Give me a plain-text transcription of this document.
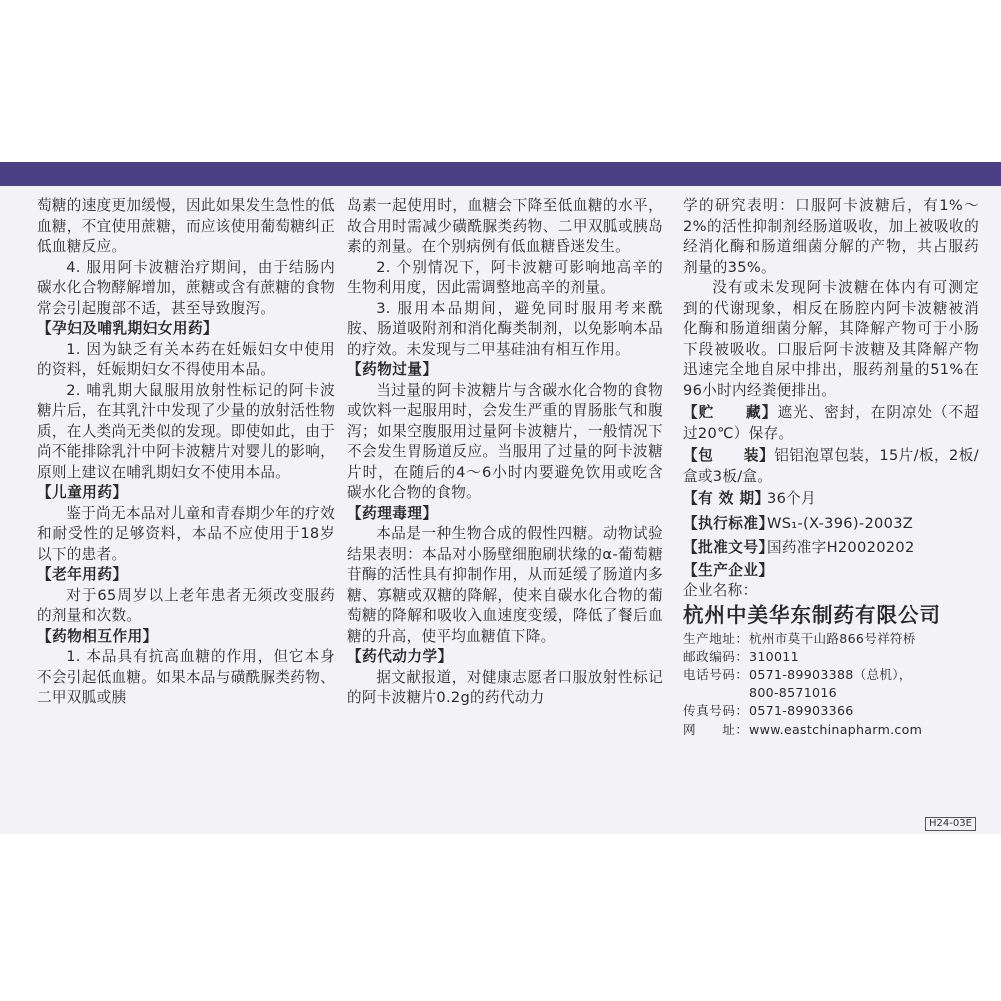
萄糖的速度更加缓慢，因此如果发生急性的低血糖，不宜使用蔗糖，而应该使用葡萄糖纠正低血糖反应。

4. 服用阿卡波糖治疗期间，由于结肠内碳水化合物酵解增加，蔗糖或含有蔗糖的食物常会引起腹部不适，甚至导致腹泻。

【孕妇及哺乳期妇女用药】

1. 因为缺乏有关本药在妊娠妇女中使用的资料，妊娠期妇女不得使用本品。

2. 哺乳期大鼠服用放射性标记的阿卡波糖片后，在其乳汁中发现了少量的放射活性物质，在人类尚无类似的发现。即使如此，由于尚不能排除乳汁中阿卡波糖片对婴儿的影响，原则上建议在哺乳期妇女不使用本品。

【儿童用药】

鉴于尚无本品对儿童和青春期少年的疗效和耐受性的足够资料，本品不应使用于18岁以下的患者。

【老年用药】

对于65周岁以上老年患者无须改变服药的剂量和次数。

【药物相互作用】

1. 本品具有抗高血糖的作用，但它本身不会引起低血糖。如果本品与磺酰脲类药物、二甲双胍或胰

岛素一起使用时，血糖会下降至低血糖的水平，故合用时需减少磺酰脲类药物、二甲双胍或胰岛素的剂量。在个别病例有低血糖昏迷发生。

2. 个别情况下，阿卡波糖可影响地高辛的生物利用度，因此需调整地高辛的剂量。

3. 服用本品期间，避免同时服用考来酰胺、肠道吸附剂和消化酶类制剂，以免影响本品的疗效。未发现与二甲基硅油有相互作用。

【药物过量】

当过量的阿卡波糖片与含碳水化合物的食物或饮料一起服用时，会发生严重的胃肠胀气和腹泻；如果空腹服用过量阿卡波糖片，一般情况下不会发生胃肠道反应。当服用了过量的阿卡波糖片时，在随后的4～6小时内要避免饮用或吃含碳水化合物的食物。

【药理毒理】

本品是一种生物合成的假性四糖。动物试验结果表明：本品对小肠壁细胞刷状缘的α-葡萄糖苷酶的活性具有抑制作用，从而延缓了肠道内多糖、寡糖或双糖的降解，使来自碳水化合物的葡萄糖的降解和吸收入血速度变缓，降低了餐后血糖的升高，使平均血糖值下降。

【药代动力学】

据文献报道，对健康志愿者口服放射性标记的阿卡波糖片0.2g的药代动力

学的研究表明：口服阿卡波糖后，有1%～2%的活性抑制剂经肠道吸收，加上被吸收的经消化酶和肠道细菌分解的产物，共占服药剂量的35%。

没有或未发现阿卡波糖在体内有可测定到的代谢现象，相反在肠腔内阿卡波糖被消化酶和肠道细菌分解，其降解产物可于小肠下段被吸收。口服后阿卡波糖及其降解产物迅速完全地自尿中排出，服药剂量的51%在96小时内经粪便排出。

【贮　　藏】遮光、密封，在阴凉处（不超过20℃）保存。

【包　　装】铝铝泡罩包装，15片/板，2板/盒或3板/盒。

【有 效 期】36个月

【执行标准】WS₁-(X-396)-2003Z

【批准文号】国药准字H20020202

【生产企业】

企业名称：

杭州中美华东制药有限公司

生产地址：杭州市莫干山路866号祥符桥

邮政编码：310011

电话号码：0571-89903388（总机），

800-8571016

传真号码：0571-89903366

网　　址：www.eastchinapharm.com

H24-03E
